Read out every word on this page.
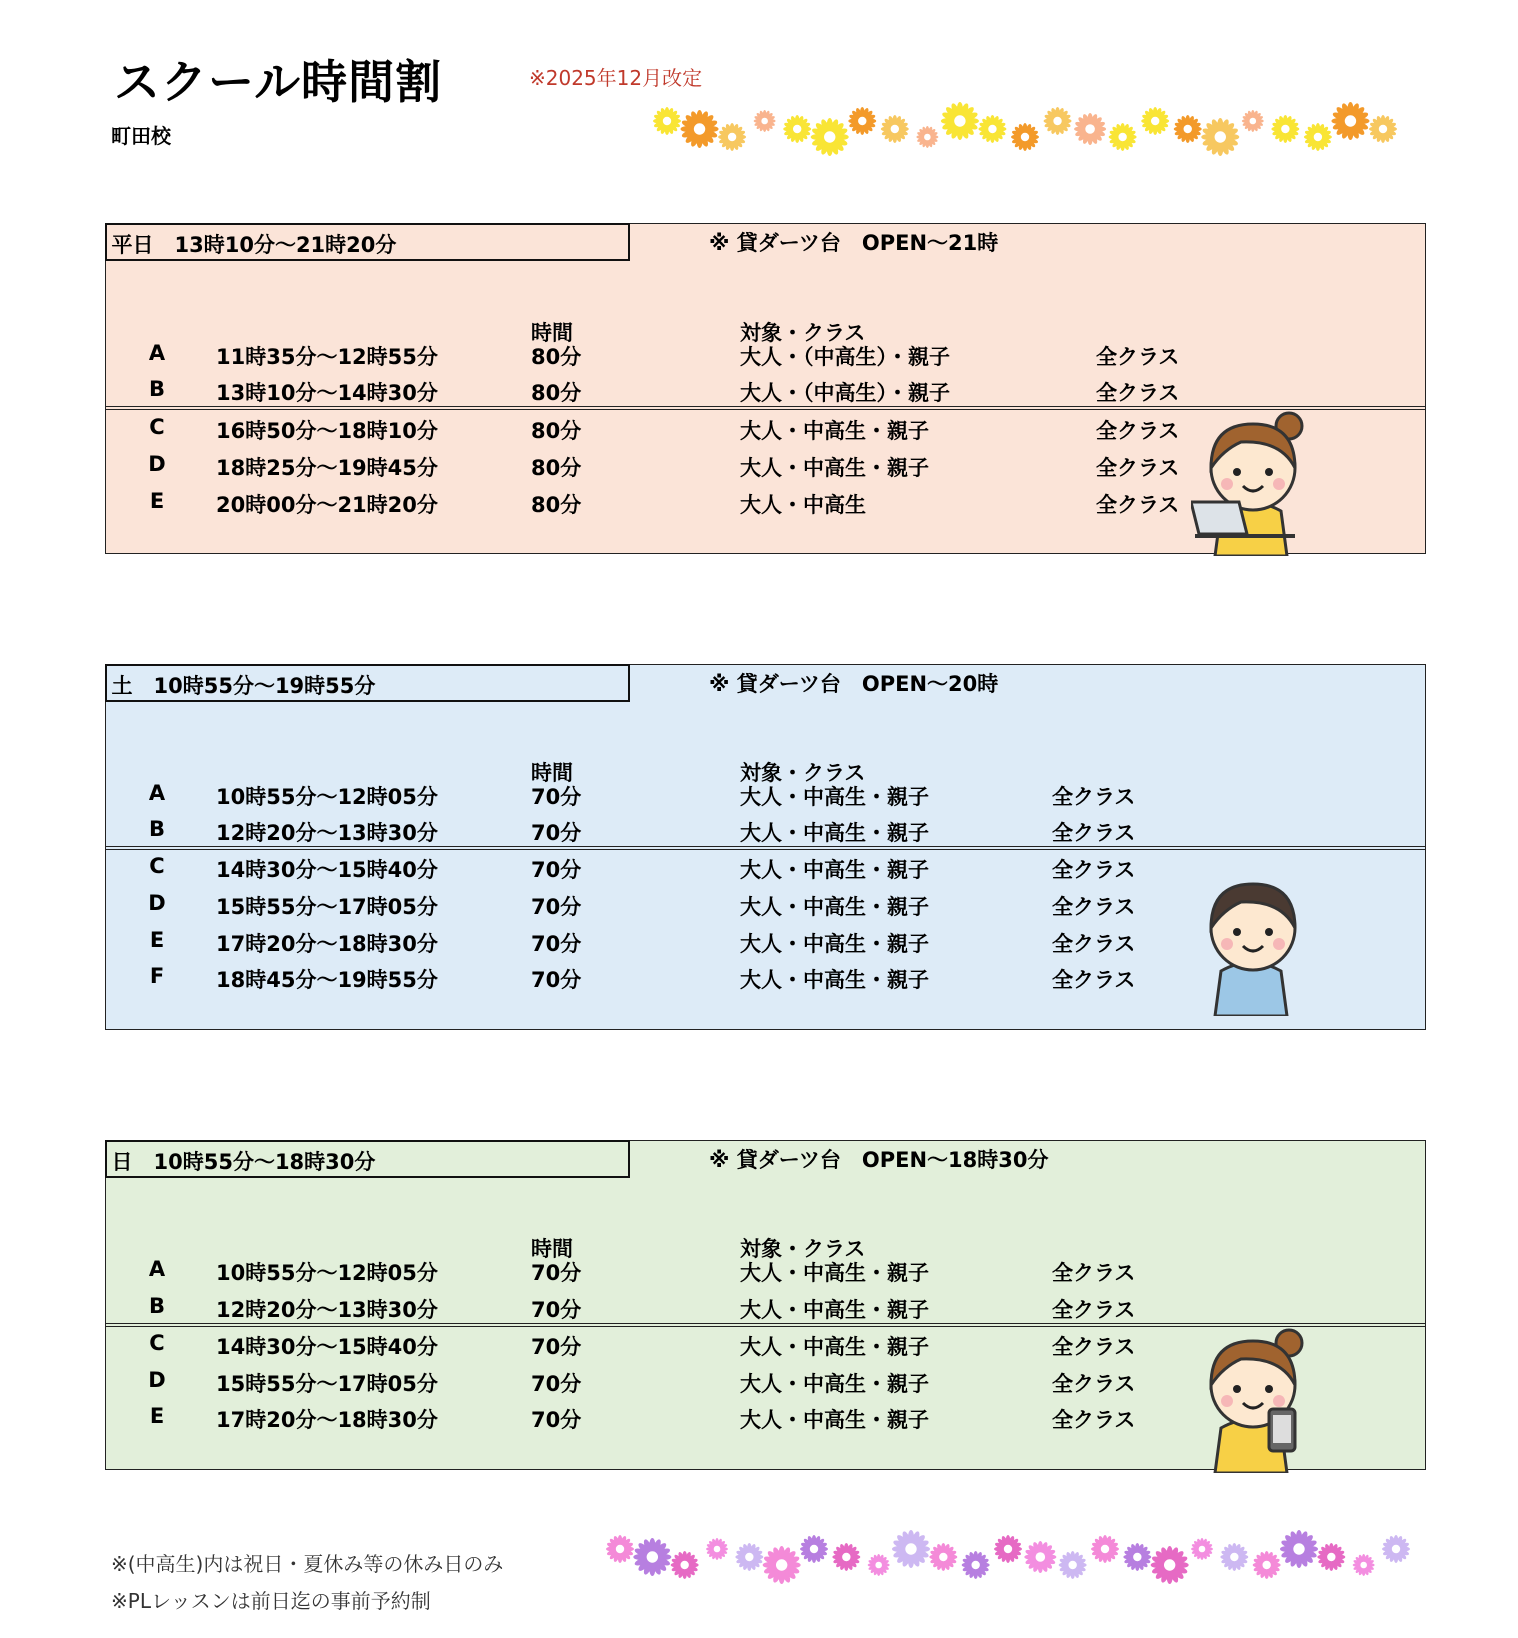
スクール時間割	※2025年12月改定
町田校
平日　13時10分～21時20分	※ 貸ダーツ台　OPEN～21時
時間	対象・クラス
A 11時35分～12時55分	80分	大人・（中高生）・親子	全クラス
B 13時10分～14時30分	80分	大人・（中高生）・親子	全クラス
C 16時50分～18時10分	80分	大人・中高生・親子	全クラス
D 18時25分～19時45分	80分	大人・中高生・親子	全クラス
E 20時00分～21時20分	80分	大人・中高生	全クラス
土　10時55分～19時55分	※ 貸ダーツ台　OPEN～20時
時間	対象・クラス
A 10時55分～12時05分	70分	大人・中高生・親子	全クラス
B 12時20分～13時30分	70分	大人・中高生・親子	全クラス
C 14時30分～15時40分	70分	大人・中高生・親子	全クラス
D 15時55分～17時05分	70分	大人・中高生・親子	全クラス
E 17時20分～18時30分	70分	大人・中高生・親子	全クラス
F 18時45分～19時55分	70分	大人・中高生・親子	全クラス
日　10時55分～18時30分	※ 貸ダーツ台　OPEN～18時30分
時間	対象・クラス
A 10時55分～12時05分	70分	大人・中高生・親子	全クラス
B 12時20分～13時30分	70分	大人・中高生・親子	全クラス
C 14時30分～15時40分	70分	大人・中高生・親子	全クラス
D 15時55分～17時05分	70分	大人・中高生・親子	全クラス
E 17時20分～18時30分	70分	大人・中高生・親子	全クラス
※(中高生)内は祝日・夏休み等の休み日のみ
※PLレッスンは前日迄の事前予約制
